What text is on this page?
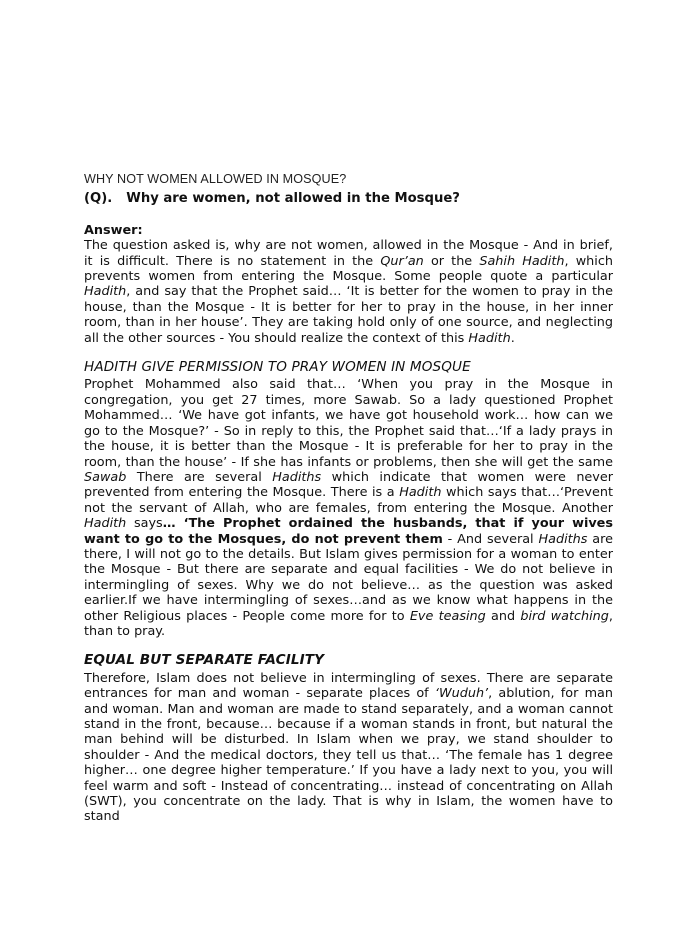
WHY NOT WOMEN ALLOWED IN MOSQUE?
(Q). Why are women, not allowed in the Mosque?
Answer:

The question asked is, why are not women, allowed in the Mosque - And in brief, it is difficult. There is no statement in the Qur’an or the Sahih Hadith, which prevents women from entering the Mosque. Some people quote a particular Hadith, and say that the Prophet said… ‘It is better for the women to pray in the house, than the Mosque - It is better for her to pray in the house, in her inner room, than in her house’. They are taking hold only of one source, and neglecting all the other sources - You should realize the context of this Hadith.

HADITH GIVE PERMISSION TO PRAY WOMEN IN MOSQUE

Prophet Mohammed also said that… ‘When you pray in the Mosque in congregation, you get 27 times, more Sawab. So a lady questioned Prophet Mohammed… ‘We have got infants, we have got household work… how can we go to the Mosque?’ - So in reply to this, the Prophet said that…‘If a lady prays in the house, it is better than the Mosque - It is preferable for her to pray in the room, than the house’ - If she has infants or problems, then she will get the same Sawab There are several Hadiths which indicate that women were never prevented from entering the Mosque. There is a Hadith which says that…‘Prevent not the servant of Allah, who are females, from entering the Mosque. Another Hadith says… ‘The Prophet ordained the husbands, that if your wives want to go to the Mosques, do not prevent them - And several Hadiths are there, I will not go to the details. But Islam gives permission for a woman to enter the Mosque - But there are separate and equal facilities - We do not believe in intermingling of sexes. Why we do not believe… as the question was asked earlier.If we have intermingling of sexes…and as we know what happens in the other Religious places - People come more for to Eve teasing and bird watching, than to pray.

EQUAL BUT SEPARATE FACILITY

Therefore, Islam does not believe in intermingling of sexes. There are separate entrances for man and woman - separate places of ‘Wuduh’, ablution, for man and woman. Man and woman are made to stand separately, and a woman cannot stand in the front, because… because if a woman stands in front, but natural the man behind will be disturbed. In Islam when we pray, we stand shoulder to shoulder - And the medical doctors, they tell us that… ‘The female has 1 degree higher… one degree higher temperature.’ If you have a lady next to you, you will feel warm and soft - Instead of concentrating… instead of concentrating on Allah (SWT), you concentrate on the lady. That is why in Islam, the women have to stand
